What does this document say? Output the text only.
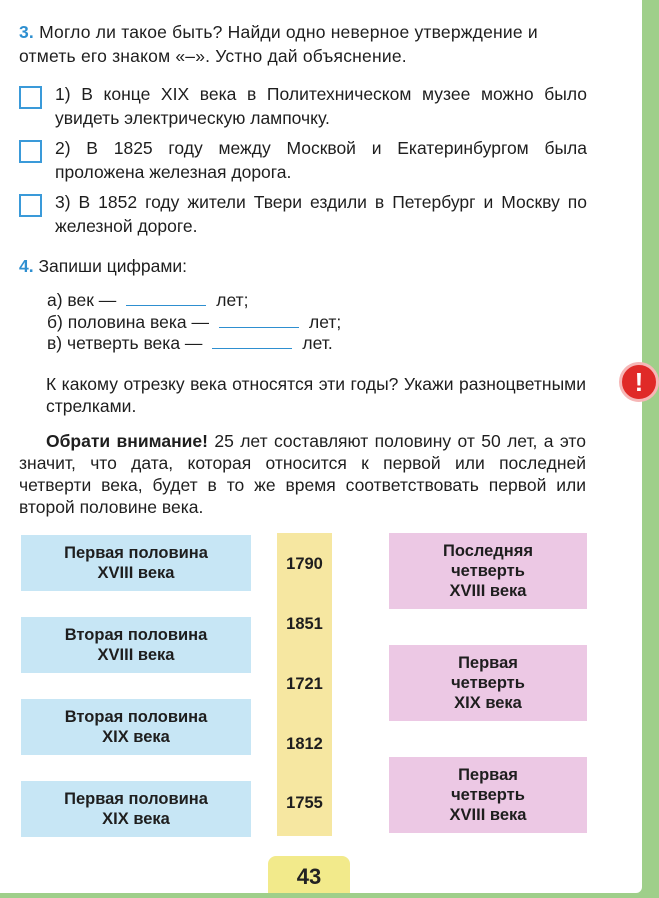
3. Могло ли такое быть? Найди одно неверное утверждение и отметь его знаком «–». Устно дай объяснение.
1) В конце XIX века в Политехническом музее можно было увидеть электрическую лампочку.
2) В 1825 году между Москвой и Екатеринбургом была проложена железная дорога.
3) В 1852 году жители Твери ездили в Петербург и Москву по железной дороге.
4. Запиши цифрами:
а) век —	лет;
б) половина века —	лет;
в) четверть века —	лет.
К какому отрезку века относятся эти годы? Укажи разноцветными стрелками.
Обрати внимание! 25 лет составляют половину от 50 лет, а это значит, что дата, которая относится к первой или последней четверти века, будет в то же время соответствовать первой или второй половине века.
Первая половина
XVIII века
Вторая половина
XVIII века
Вторая половина
XIX века
Первая половина
XIX века
1790
1851
1721
1812
1755
Последняя
четверть
XVIII века
Первая
четверть
XIX века
Первая
четверть
XVIII века
!
43
